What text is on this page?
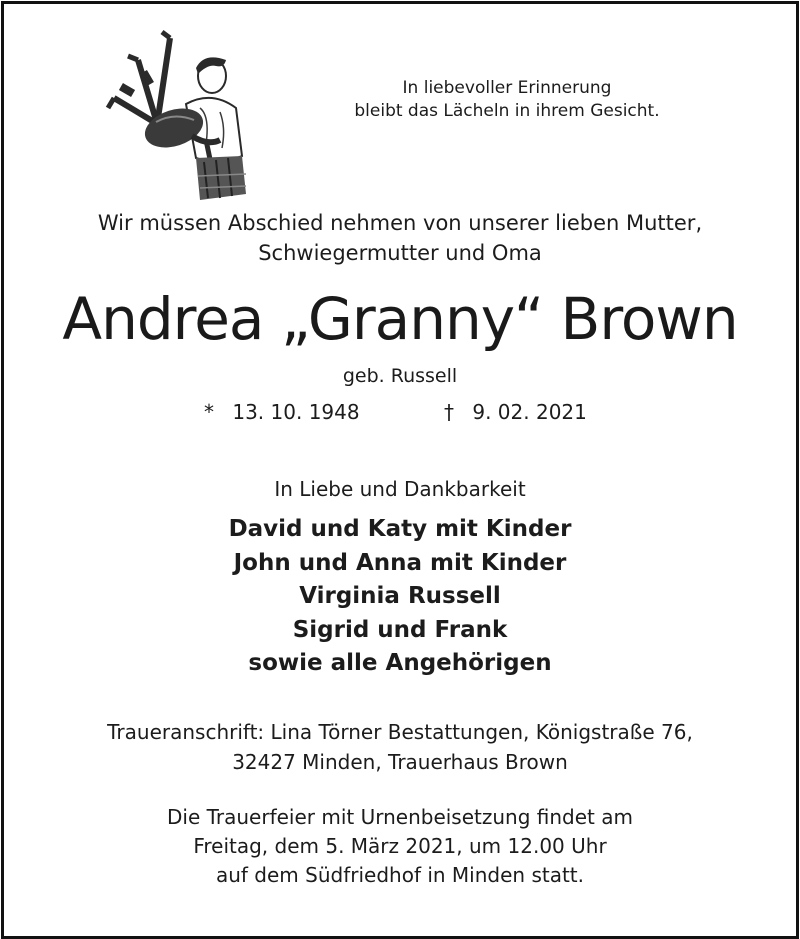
In liebevoller Erinnerung
bleibt das Lächeln in ihrem Gesicht.
Wir müssen Abschied nehmen von unserer lieben Mutter,
Schwiegermutter und Oma
Andrea „Granny“ Brown
geb. Russell
* 13. 10. 1948	† 9. 02. 2021
In Liebe und Dankbarkeit
David und Katy mit Kinder
John und Anna mit Kinder
Virginia Russell
Sigrid und Frank
sowie alle Angehörigen
Traueranschrift: Lina Törner Bestattungen, Königstraße 76,
32427 Minden, Trauerhaus Brown
Die Trauerfeier mit Urnenbeisetzung findet am
Freitag, dem 5. März 2021, um 12.00 Uhr
auf dem Südfriedhof in Minden statt.
